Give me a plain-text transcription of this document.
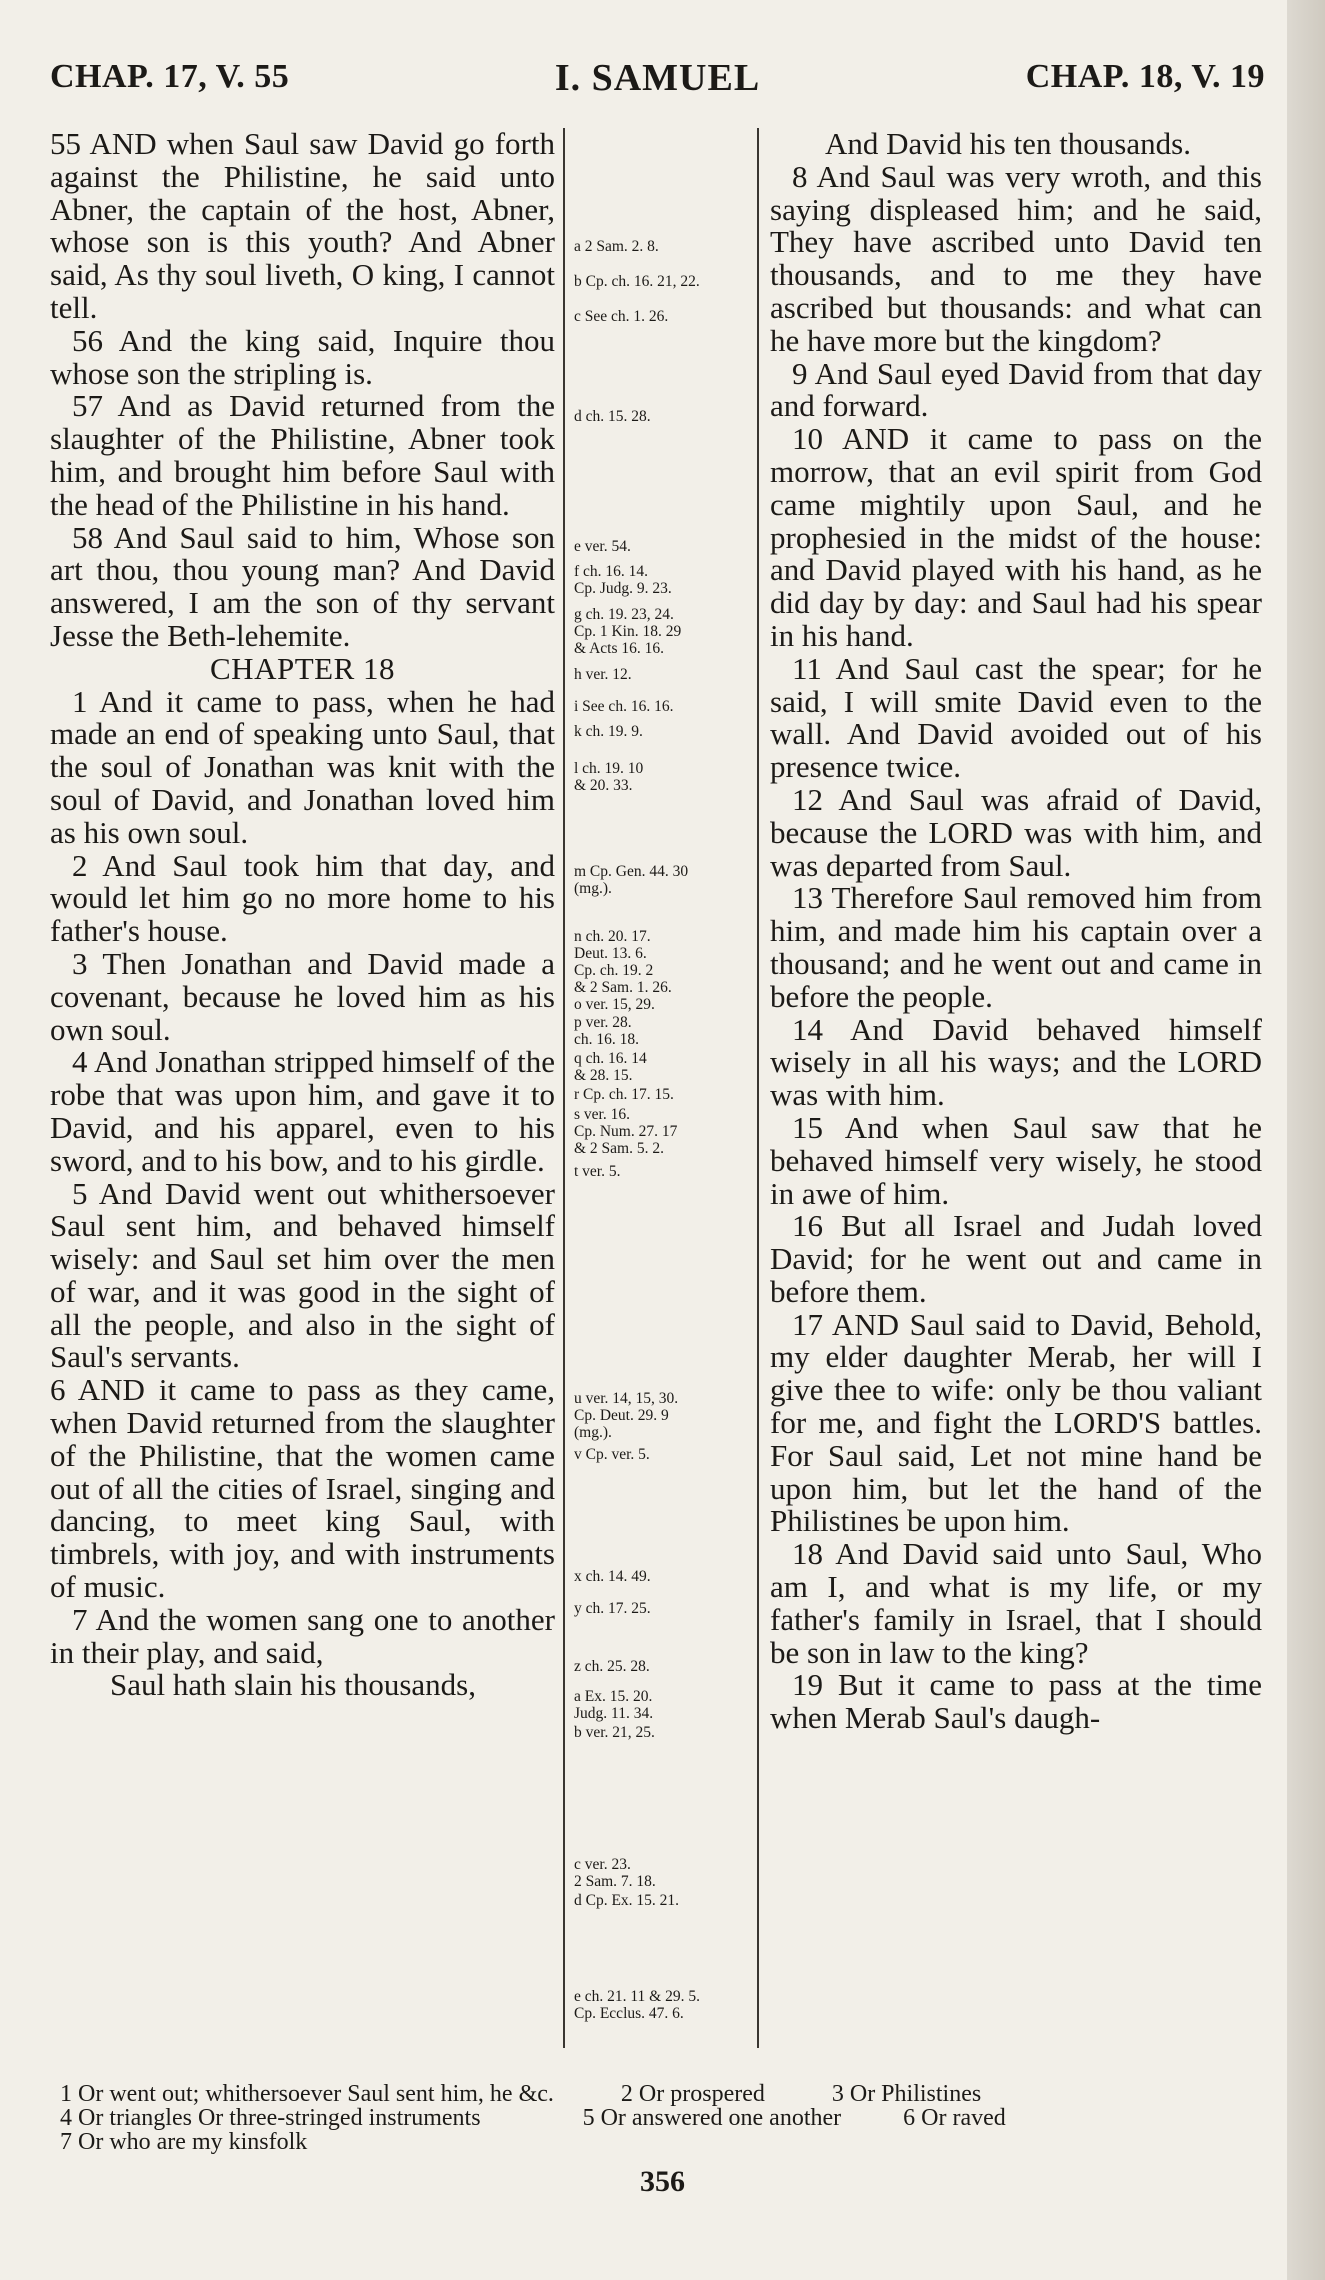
CHAP. 17, V. 55	I. SAMUEL	CHAP. 18, V. 19

55 AND when Saul saw David go forth against the Philistine, he said unto Abner, the captain of the host, Abner, whose son is this youth? And Abner said, As thy soul liveth, O king, I cannot tell.

56 And the king said, Inquire thou whose son the stripling is.

57 And as David returned from the slaughter of the Philistine, Abner took him, and brought him before Saul with the head of the Philistine in his hand.

58 And Saul said to him, Whose son art thou, thou young man? And David answered, I am the son of thy servant Jesse the Beth-lehemite.

CHAPTER 18

1 And it came to pass, when he had made an end of speaking unto Saul, that the soul of Jonathan was knit with the soul of David, and Jonathan loved him as his own soul.

2 And Saul took him that day, and would let him go no more home to his father's house.

3 Then Jonathan and David made a covenant, because he loved him as his own soul.

4 And Jonathan stripped himself of the robe that was upon him, and gave it to David, and his apparel, even to his sword, and to his bow, and to his girdle.

5 And David went out whithersoever Saul sent him, and behaved himself wisely: and Saul set him over the men of war, and it was good in the sight of all the people, and also in the sight of Saul's servants.

6 AND it came to pass as they came, when David returned from the slaughter of the Philistine, that the women came out of all the cities of Israel, singing and dancing, to meet king Saul, with timbrels, with joy, and with instruments of music.

7 And the women sang one to another in their play, and said,

Saul hath slain his thousands,

a 2 Sam. 2. 8.
b Cp. ch. 16. 21, 22.
c See ch. 1. 26.
d ch. 15. 28.
e ver. 54.
f ch. 16. 14.
Cp. Judg. 9. 23.
g ch. 19. 23, 24.
Cp. 1 Kin. 18. 29
& Acts 16. 16.
h ver. 12.
i See ch. 16. 16.
k ch. 19. 9.
l ch. 19. 10
& 20. 33.
m Cp. Gen. 44. 30
(mg.).
n ch. 20. 17.
Deut. 13. 6.
Cp. ch. 19. 2
& 2 Sam. 1. 26.
o ver. 15, 29.
p ver. 28.
ch. 16. 18.
q ch. 16. 14
& 28. 15.
r Cp. ch. 17. 15.
s ver. 16.
Cp. Num. 27. 17
& 2 Sam. 5. 2.
t ver. 5.
u ver. 14, 15, 30.
Cp. Deut. 29. 9
(mg.).
v Cp. ver. 5.
x ch. 14. 49.
y ch. 17. 25.
z ch. 25. 28.
a Ex. 15. 20.
Judg. 11. 34.
b ver. 21, 25.
c ver. 23.
2 Sam. 7. 18.
d Cp. Ex. 15. 21.
e ch. 21. 11 & 29. 5.
Cp. Ecclus. 47. 6.

And David his ten thousands.

8 And Saul was very wroth, and this saying displeased him; and he said, They have ascribed unto David ten thousands, and to me they have ascribed but thousands: and what can he have more but the kingdom?

9 And Saul eyed David from that day and forward.

10 AND it came to pass on the morrow, that an evil spirit from God came mightily upon Saul, and he prophesied in the midst of the house: and David played with his hand, as he did day by day: and Saul had his spear in his hand.

11 And Saul cast the spear; for he said, I will smite David even to the wall. And David avoided out of his presence twice.

12 And Saul was afraid of David, because the LORD was with him, and was departed from Saul.

13 Therefore Saul removed him from him, and made him his captain over a thousand; and he went out and came in before the people.

14 And David behaved himself wisely in all his ways; and the LORD was with him.

15 And when Saul saw that he behaved himself very wisely, he stood in awe of him.

16 But all Israel and Judah loved David; for he went out and came in before them.

17 AND Saul said to David, Behold, my elder daughter Merab, her will I give thee to wife: only be thou valiant for me, and fight the LORD'S battles. For Saul said, Let not mine hand be upon him, but let the hand of the Philistines be upon him.

18 And David said unto Saul, Who am I, and what is my life, or my father's family in Israel, that I should be son in law to the king?

19 But it came to pass at the time when Merab Saul's daugh-

1 Or went out; whithersoever Saul sent him, he &c.	2 Or prospered	3 Or Philistines
4 Or triangles Or three-stringed instruments	5 Or answered one another	6 Or raved
7 Or who are my kinsfolk
356
